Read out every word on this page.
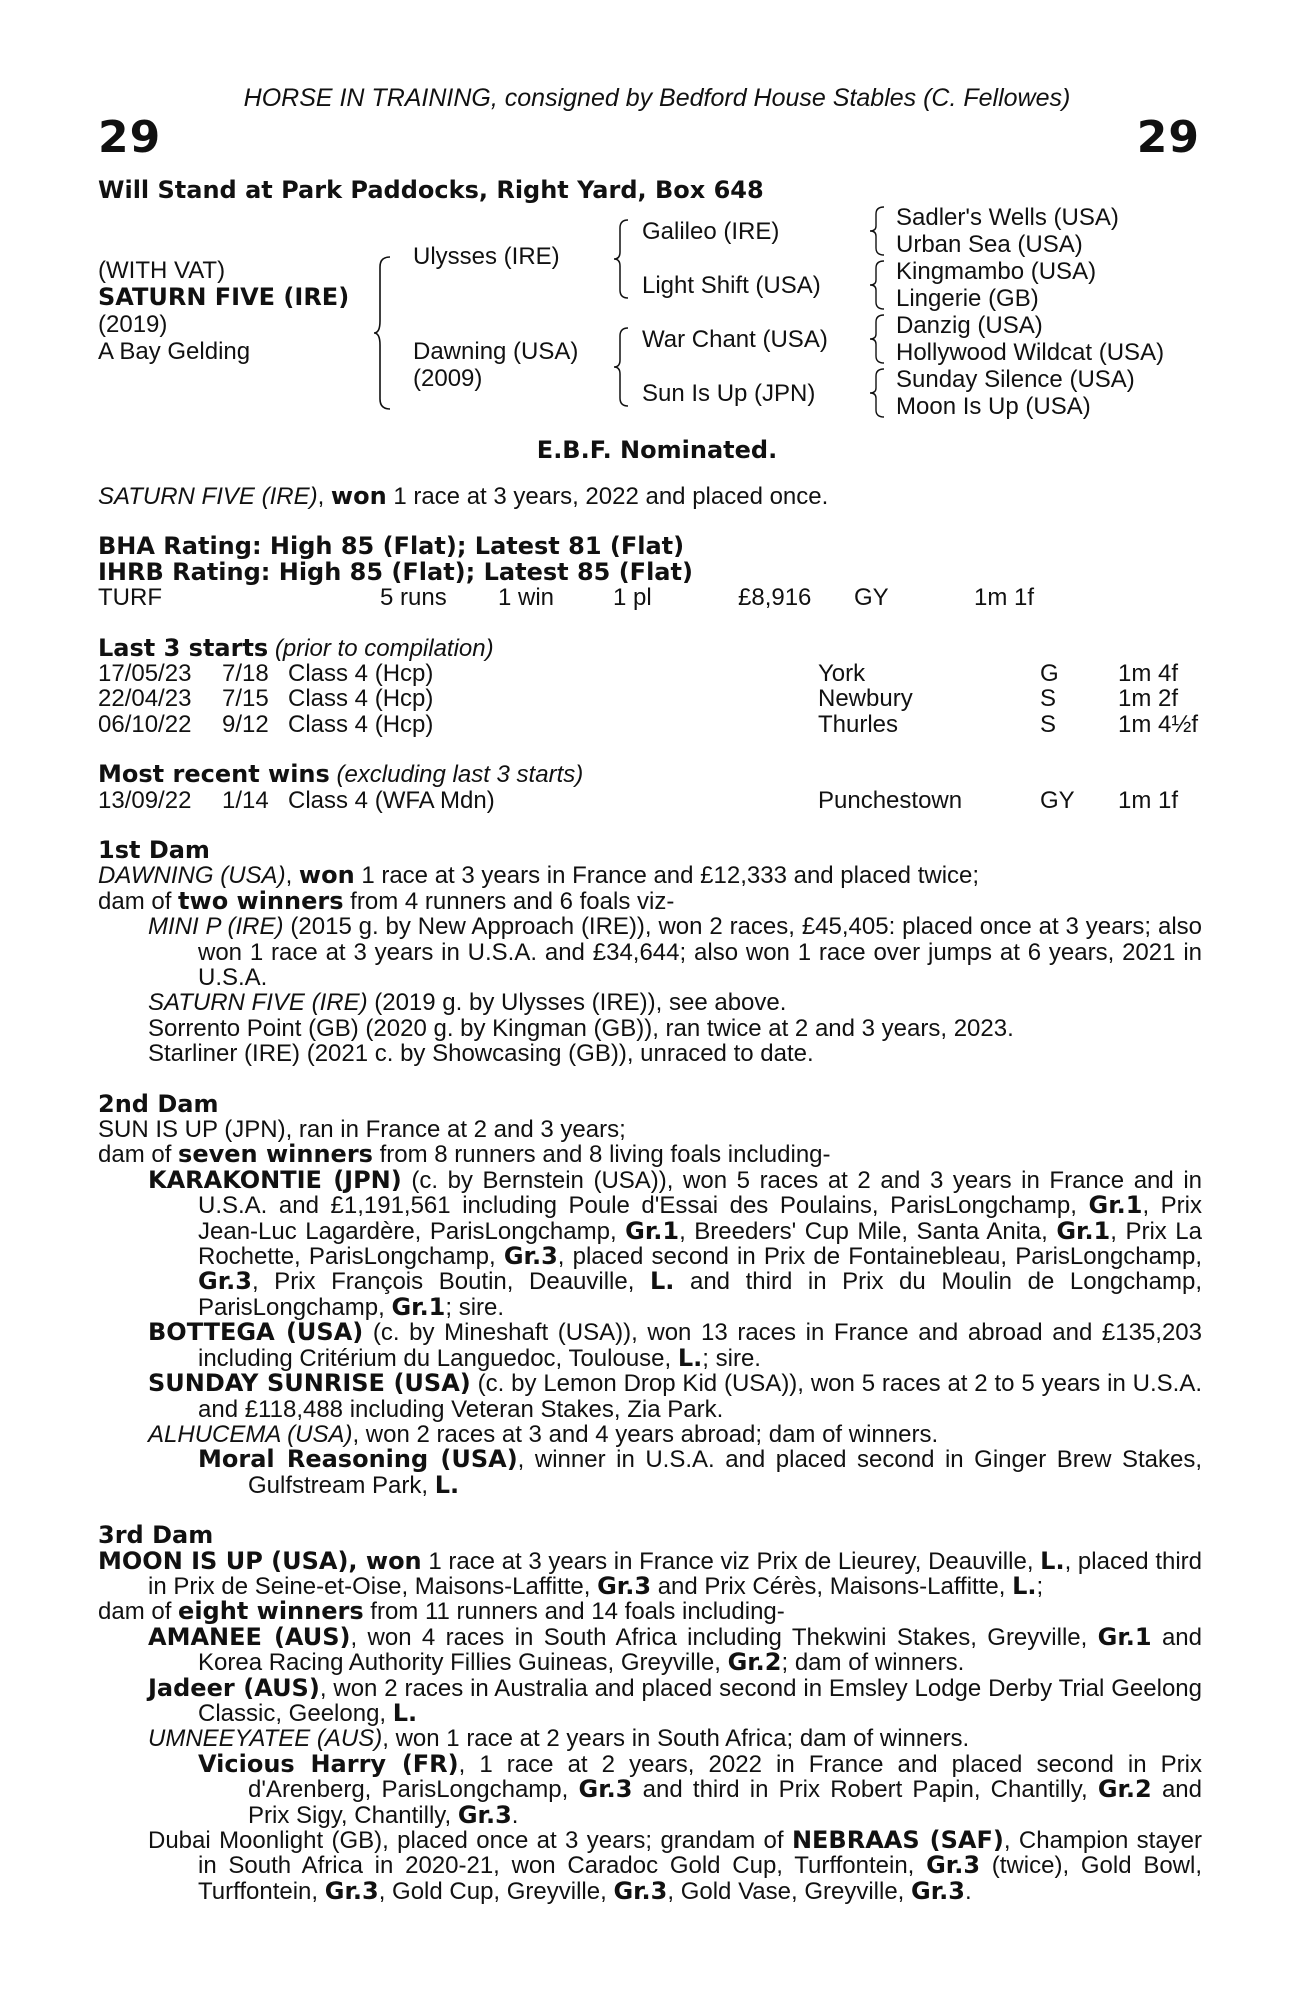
HORSE IN TRAINING, consigned by Bedford House Stables (C. Fellowes)
29	29
Will Stand at Park Paddocks, Right Yard, Box 648
(WITH VAT)
SATURN FIVE (IRE)
(2019)
A Bay Gelding
Ulysses (IRE)
Dawning (USA)
(2009)
Galileo (IRE)
Light Shift (USA)
War Chant (USA)
Sun Is Up (JPN)
Sadler's Wells (USA)
Urban Sea (USA)
Kingmambo (USA)
Lingerie (GB)
Danzig (USA)
Hollywood Wildcat (USA)
Sunday Silence (USA)
Moon Is Up (USA)
E.B.F. Nominated.
SATURN FIVE (IRE), won 1 race at 3 years, 2022 and placed once.
BHA Rating: High 85 (Flat); Latest 81 (Flat)
IHRB Rating: High 85 (Flat); Latest 85 (Flat)
TURF	5 runs 1 win 1 pl	£8,916 GY	1m 1f
Last 3 starts (prior to compilation)
17/05/23 7/18 Class 4 (Hcp)	York	G 1m 4f
22/04/23 7/15 Class 4 (Hcp)	Newbury	S	1m 2f
06/10/22 9/12 Class 4 (Hcp)	Thurles	S	1m 4½f
Most recent wins (excluding last 3 starts)
13/09/22 1/14 Class 4 (WFA Mdn)	Punchestown	GY 1m 1f
1st Dam
DAWNING (USA), won 1 race at 3 years in France and £12,333 and placed twice;
dam of two winners from 4 runners and 6 foals viz-
MINI P (IRE) (2015 g. by New Approach (IRE)), won 2 races, £45,405: placed once at 3 years; also won 1 race at 3 years in U.S.A. and £34,644; also won 1 race over jumps at 6 years, 2021 in U.S.A.
SATURN FIVE (IRE) (2019 g. by Ulysses (IRE)), see above.
Sorrento Point (GB) (2020 g. by Kingman (GB)), ran twice at 2 and 3 years, 2023.
Starliner (IRE) (2021 c. by Showcasing (GB)), unraced to date.
2nd Dam
SUN IS UP (JPN), ran in France at 2 and 3 years;
dam of seven winners from 8 runners and 8 living foals including-
KARAKONTIE (JPN) (c. by Bernstein (USA)), won 5 races at 2 and 3 years in France and in U.S.A. and £1,191,561 including Poule d'Essai des Poulains, ParisLongchamp, Gr.1, Prix Jean-Luc Lagardère, ParisLongchamp, Gr.1, Breeders' Cup Mile, Santa Anita, Gr.1, Prix La Rochette, ParisLongchamp, Gr.3, placed second in Prix de Fontainebleau, ParisLongchamp, Gr.3, Prix François Boutin, Deauville, L. and third in Prix du Moulin de Longchamp, ParisLongchamp, Gr.1; sire.
BOTTEGA (USA) (c. by Mineshaft (USA)), won 13 races in France and abroad and £135,203 including Critérium du Languedoc, Toulouse, L.; sire.
SUNDAY SUNRISE (USA) (c. by Lemon Drop Kid (USA)), won 5 races at 2 to 5 years in U.S.A. and £118,488 including Veteran Stakes, Zia Park.
ALHUCEMA (USA), won 2 races at 3 and 4 years abroad; dam of winners.
Moral Reasoning (USA), winner in U.S.A. and placed second in Ginger Brew Stakes, Gulfstream Park, L.
3rd Dam
MOON IS UP (USA), won 1 race at 3 years in France viz Prix de Lieurey, Deauville, L., placed third in Prix de Seine-et-Oise, Maisons-Laffitte, Gr.3 and Prix Cérès, Maisons-Laffitte, L.;
dam of eight winners from 11 runners and 14 foals including-
AMANEE (AUS), won 4 races in South Africa including Thekwini Stakes, Greyville, Gr.1 and Korea Racing Authority Fillies Guineas, Greyville, Gr.2; dam of winners.
Jadeer (AUS), won 2 races in Australia and placed second in Emsley Lodge Derby Trial Geelong Classic, Geelong, L.
UMNEEYATEE (AUS), won 1 race at 2 years in South Africa; dam of winners.
Vicious Harry (FR), 1 race at 2 years, 2022 in France and placed second in Prix d'Arenberg, ParisLongchamp, Gr.3 and third in Prix Robert Papin, Chantilly, Gr.2 and Prix Sigy, Chantilly, Gr.3.
Dubai Moonlight (GB), placed once at 3 years; grandam of NEBRAAS (SAF), Champion stayer in South Africa in 2020-21, won Caradoc Gold Cup, Turffontein, Gr.3 (twice), Gold Bowl, Turffontein, Gr.3, Gold Cup, Greyville, Gr.3, Gold Vase, Greyville, Gr.3.
